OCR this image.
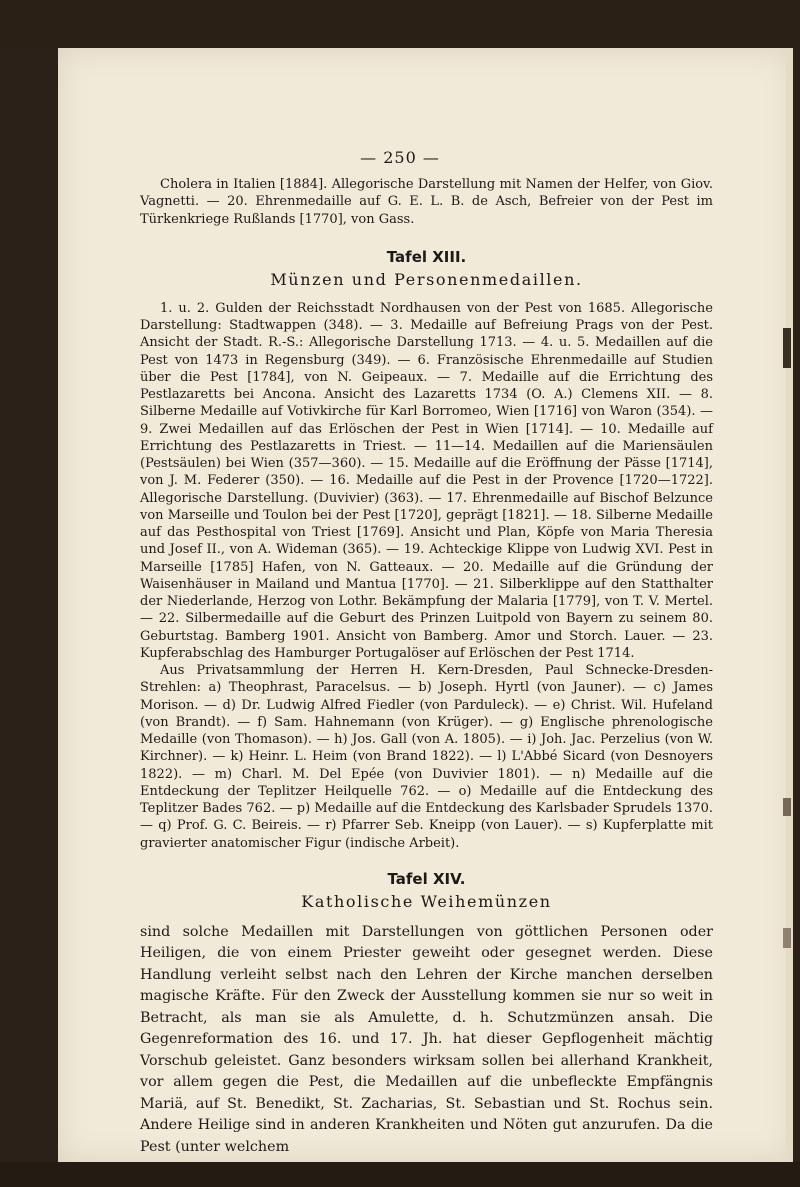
— 250 —

Cholera in Italien [1884]. Allegorische Darstellung mit Namen der Helfer, von Giov. Vagnetti. — 20. Ehrenmedaille auf G. E. L. B. de Asch, Befreier von der Pest im Türkenkriege Rußlands [1770], von Gass.

Tafel XIII.
Münzen und Personenmedaillen.

1. u. 2. Gulden der Reichsstadt Nordhausen von der Pest von 1685. Allegorische Darstellung: Stadtwappen (348). — 3. Medaille auf Befreiung Prags von der Pest. Ansicht der Stadt. R.-S.: Allegorische Darstellung 1713. — 4. u. 5. Medaillen auf die Pest von 1473 in Regensburg (349). — 6. Französische Ehrenmedaille auf Studien über die Pest [1784], von N. Geipeaux. — 7. Medaille auf die Errichtung des Pestlazaretts bei Ancona. Ansicht des Lazaretts 1734 (O. A.) Clemens XII. — 8. Silberne Medaille auf Votivkirche für Karl Borromeo, Wien [1716] von Waron (354). — 9. Zwei Medaillen auf das Erlöschen der Pest in Wien [1714]. — 10. Medaille auf Errichtung des Pestlazaretts in Triest. — 11—14. Medaillen auf die Mariensäulen (Pestsäulen) bei Wien (357—360). — 15. Medaille auf die Eröffnung der Pässe [1714], von J. M. Federer (350). — 16. Medaille auf die Pest in der Provence [1720—1722]. Allegorische Darstellung. (Duvivier) (363). — 17. Ehrenmedaille auf Bischof Belzunce von Marseille und Toulon bei der Pest [1720], geprägt [1821]. — 18. Silberne Medaille auf das Pesthospital von Triest [1769]. Ansicht und Plan, Köpfe von Maria Theresia und Josef II., von A. Wideman (365). — 19. Achteckige Klippe von Ludwig XVI. Pest in Marseille [1785] Hafen, von N. Gatteaux. — 20. Medaille auf die Gründung der Waisenhäuser in Mailand und Mantua [1770]. — 21. Silberklippe auf den Statthalter der Niederlande, Herzog von Lothr. Bekämpfung der Malaria [1779], von T. V. Mertel. — 22. Silbermedaille auf die Geburt des Prinzen Luitpold von Bayern zu seinem 80. Geburtstag. Bamberg 1901. Ansicht von Bamberg. Amor und Storch. Lauer. — 23. Kupferabschlag des Hamburger Portugalöser auf Erlöschen der Pest 1714.

Aus Privatsammlung der Herren H. Kern-Dresden, Paul Schnecke-Dresden-Strehlen: a) Theophrast, Paracelsus. — b) Joseph. Hyrtl (von Jauner). — c) James Morison. — d) Dr. Ludwig Alfred Fiedler (von Parduleck). — e) Christ. Wil. Hufeland (von Brandt). — f) Sam. Hahnemann (von Krüger). — g) Englische phrenologische Medaille (von Thomason). — h) Jos. Gall (von A. 1805). — i) Joh. Jac. Perzelius (von W. Kirchner). — k) Heinr. L. Heim (von Brand 1822). — l) L'Abbé Sicard (von Desnoyers 1822). — m) Charl. M. Del Epée (von Duvivier 1801). — n) Medaille auf die Entdeckung der Teplitzer Heilquelle 762. — o) Medaille auf die Entdeckung des Teplitzer Bades 762. — p) Medaille auf die Entdeckung des Karlsbader Sprudels 1370. — q) Prof. G. C. Beireis. — r) Pfarrer Seb. Kneipp (von Lauer). — s) Kupferplatte mit gravierter anatomischer Figur (indische Arbeit).

Tafel XIV.
Katholische Weihemünzen

sind solche Medaillen mit Darstellungen von göttlichen Personen oder Heiligen, die von einem Priester geweiht oder gesegnet werden. Diese Handlung verleiht selbst nach den Lehren der Kirche manchen derselben magische Kräfte. Für den Zweck der Ausstellung kommen sie nur so weit in Betracht, als man sie als Amulette, d. h. Schutzmünzen ansah. Die Gegenreformation des 16. und 17. Jh. hat dieser Gepflogenheit mächtig Vorschub geleistet. Ganz besonders wirksam sollen bei allerhand Krankheit, vor allem gegen die Pest, die Medaillen auf die unbefleckte Empfängnis Mariä, auf St. Benedikt, St. Zacharias, St. Sebastian und St. Rochus sein. Andere Heilige sind in anderen Krankheiten und Nöten gut anzurufen. Da die Pest (unter welchem
